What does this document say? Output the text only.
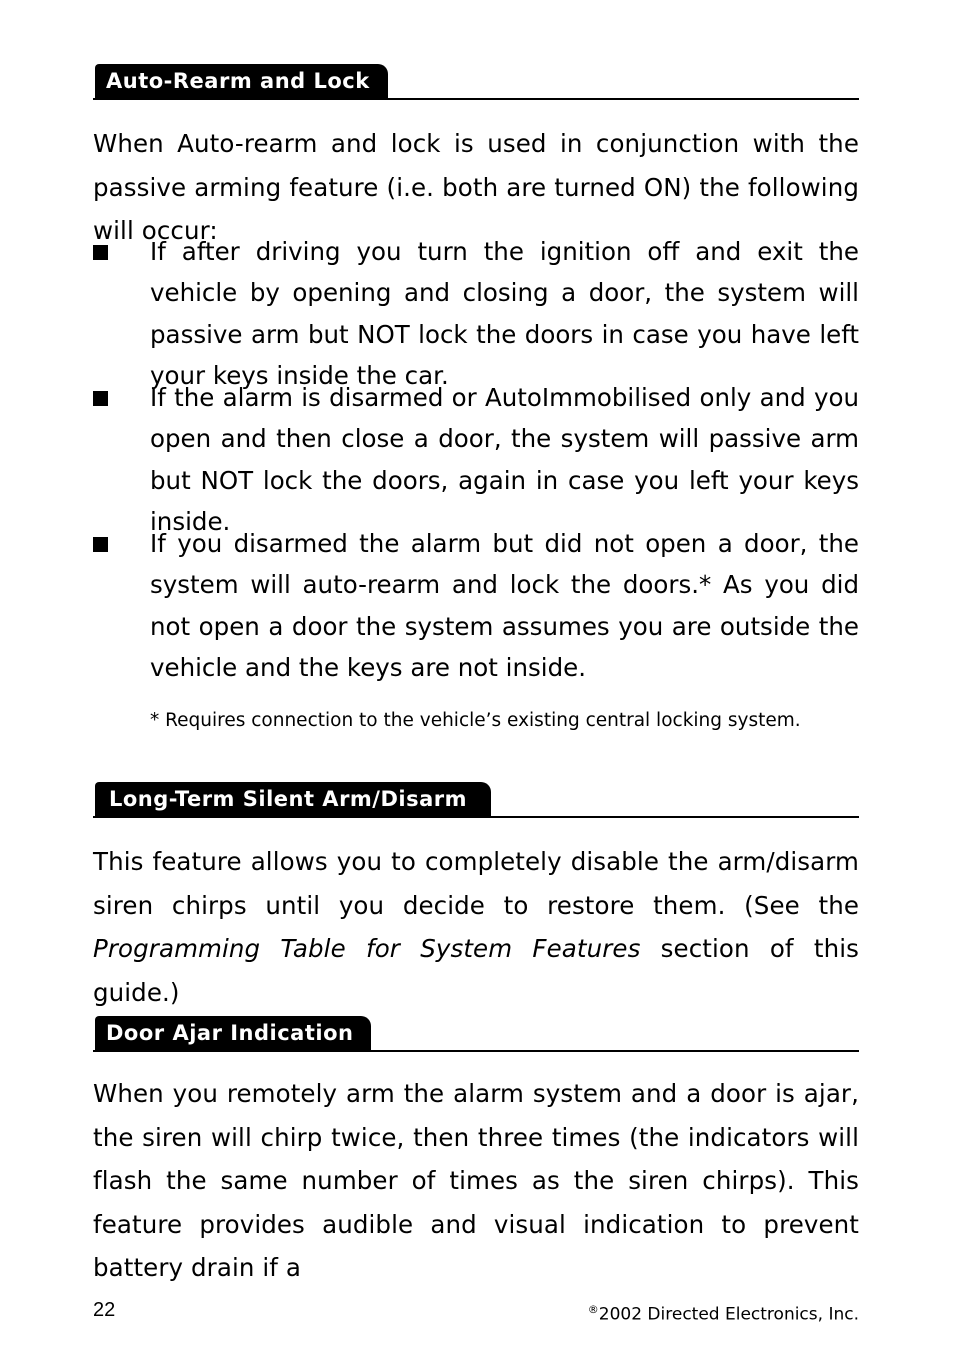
Auto-Rearm and Lock

When Auto-rearm and lock is used in conjunction with the passive arming feature (i.e. both are turned ON) the following will occur:

If after driving you turn the ignition off and exit the vehicle by opening and closing a door, the system will passive arm but NOT lock the doors in case you have left your keys inside the car.

If the alarm is disarmed or AutoImmobilised only and you open and then close a door, the system will passive arm but NOT lock the doors, again in case you left your keys inside.

If you disarmed the alarm but did not open a door, the system will auto-rearm and lock the doors.* As you did not open a door the system assumes you are outside the vehicle and the keys are not inside.

* Requires connection to the vehicle’s existing central locking system.
Long-Term Silent Arm/Disarm

This feature allows you to completely disable the arm/disarm siren chirps until you decide to restore them. (See the Programming Table for System Features section of this guide.)

Door Ajar Indication

When you remotely arm the alarm system and a door is ajar, the siren will chirp twice, then three times (the indicators will flash the same number of times as the siren chirps). This feature provides audible and visual indication to prevent battery drain if a

22	®2002 Directed Electronics, Inc.
